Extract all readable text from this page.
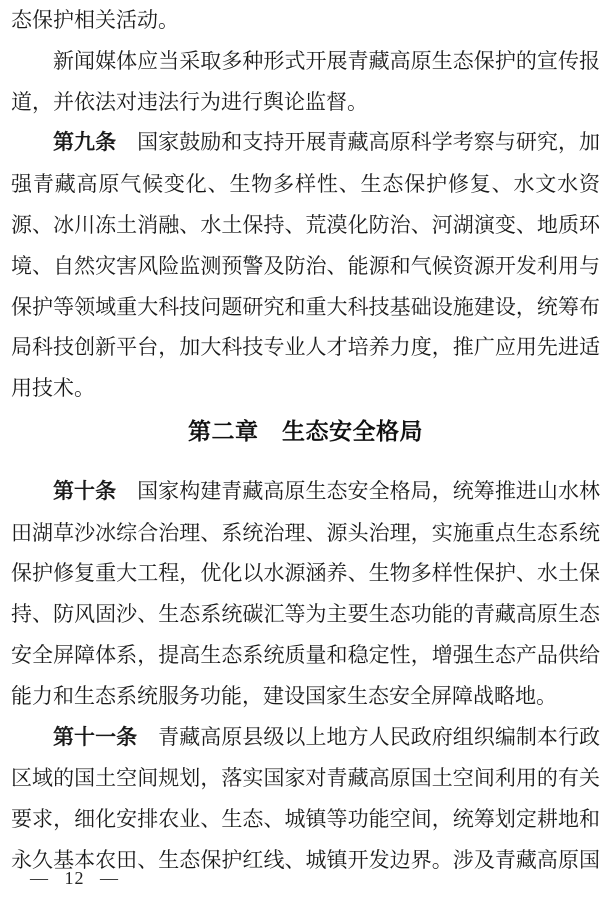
态保护相关活动。

新闻媒体应当采取多种形式开展青藏高原生态保护的宣传报道，并依法对违法行为进行舆论监督。

第九条 国家鼓励和支持开展青藏高原科学考察与研究，加强青藏高原气候变化、生物多样性、生态保护修复、水文水资源、冰川冻土消融、水土保持、荒漠化防治、河湖演变、地质环境、自然灾害风险监测预警及防治、能源和气候资源开发利用与保护等领域重大科技问题研究和重大科技基础设施建设，统筹布局科技创新平台，加大科技专业人才培养力度，推广应用先进适用技术。

第二章　生态安全格局

第十条 国家构建青藏高原生态安全格局，统筹推进山水林田湖草沙冰综合治理、系统治理、源头治理，实施重点生态系统保护修复重大工程，优化以水源涵养、生物多样性保护、水土保持、防风固沙、生态系统碳汇等为主要生态功能的青藏高原生态安全屏障体系，提高生态系统质量和稳定性，增强生态产品供给能力和生态系统服务功能，建设国家生态安全屏障战略地。

第十一条 青藏高原县级以上地方人民政府组织编制本行政区域的国土空间规划，落实国家对青藏高原国土空间利用的有关要求，细化安排农业、生态、城镇等功能空间，统筹划定耕地和永久基本农田、生态保护红线、城镇开发边界。涉及青藏高原国

— 12 —
